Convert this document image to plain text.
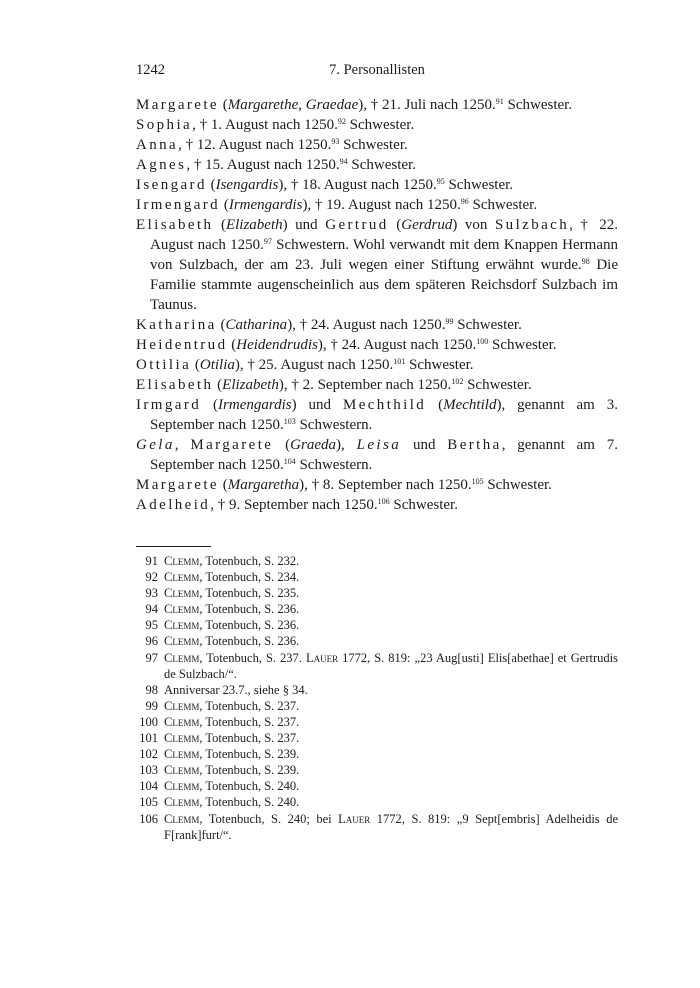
1242	7. Personallisten
Margarete (Margarethe, Graedae), † 21. Juli nach 1250.91 Schwester.
Sophia, † 1. August nach 1250.92 Schwester.
Anna, † 12. August nach 1250.93 Schwester.
Agnes, † 15. August nach 1250.94 Schwester.
Isengard (Isengardis), † 18. August nach 1250.95 Schwester.
Irmengard (Irmengardis), † 19. August nach 1250.96 Schwester.
Elisabeth (Elizabeth) und Gertrud (Gerdrud) von Sulzbach, † 22. August nach 1250.97 Schwestern. Wohl verwandt mit dem Knappen Hermann von Sulzbach, der am 23. Juli wegen einer Stiftung erwähnt wurde.$^{98}$ Die Familie stammte augenscheinlich aus dem späteren Reichsdorf Sulzbach im Taunus.
Katharina (Catharina), † 24. August nach 1250.99 Schwester.
Heidentrud (Heidendrudis), † 24. August nach 1250.$^{100}$ Schwester.
Ottilia (Otilia), † 25. August nach 1250.$^{101}$ Schwester.
Elisabeth (Elizabeth), † 2. September nach 1250.$^{102}$ Schwester.
Irmgard (Irmengardis) und Mechthild (Mechtild), genannt am 3. September nach 1250.$^{103}$ Schwestern.
Gela, Margarete (Graeda), Leisa und Bertha, genannt am 7. September nach 1250.$^{104}$ Schwestern.
Margarete (Margaretha), † 8. September nach 1250.$^{105}$ Schwester.
Adelheid, † 9. September nach 1250.$^{106}$ Schwester.
91 Clemm, Totenbuch, S. 232.
92 Clemm, Totenbuch, S. 234.
93 Clemm, Totenbuch, S. 235.
94 Clemm, Totenbuch, S. 236.
95 Clemm, Totenbuch, S. 236.
96 Clemm, Totenbuch, S. 236.
97 Clemm, Totenbuch, S. 237. Lauer 1772, S. 819: „23 Aug[usti] Elis[abethae] et Gertrudis de Sulzbach/“.
98 Anniversar 23.7., siehe § 34.
99 Clemm, Totenbuch, S. 237.
100 Clemm, Totenbuch, S. 237.
101 Clemm, Totenbuch, S. 237.
102 Clemm, Totenbuch, S. 239.
103 Clemm, Totenbuch, S. 239.
104 Clemm, Totenbuch, S. 240.
105 Clemm, Totenbuch, S. 240.
106 Clemm, Totenbuch, S. 240; bei Lauer 1772, S. 819: „9 Sept[embris] Adelheidis de F[rank]furt/“.
